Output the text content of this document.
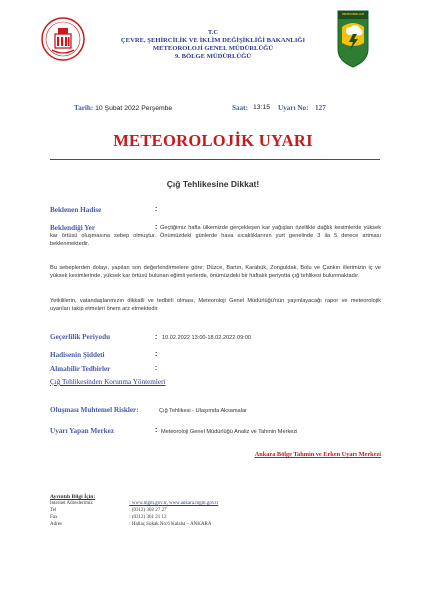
T.C
ÇEVRE, ŞEHİRCİLİK VE İKLİM DEĞİŞİKLİĞİ BAKANLIĞI
METEOROLOJİ GENEL MÜDÜRLÜĞÜ
9. BÖLGE MÜDÜRLÜĞÜ
METEOROLOJİ
Tarih: 10 Şubat 2022 Perşembe	Saat: 13:15 Uyarı No: 127
METEOROLOJİK UYARI
Çığ Tehlikesine Dikkat!
Beklenen Hadise	:
Beklendiği Yer	: Geçtiğimiz hafta ülkemizde gerçekleşen kar yağışları özellikle dağlık kesimlerde yüksek kar örtüsü oluşmasına sebep olmuştur. Önümüzdeki günlerde hava sıcaklıklarının yurt genelinde 3 ila 5 derece artması beklenmektedir.
Bu sebeplerden dolayı, yapılan son değerlendirmelere göre; Düzce, Bartın, Karabük, Zonguldak, Bolu ve Çankırı illerimizin iç ve yüksek kesimlerinde, yüksek kar örtüsü bulunan eğimli yerlerde, önümüzdeki bir haftalık periyotta çığ tehlikesi bulunmaktadır.
Yetkililerin, vatandaşlarımızın dikkatli ve tedbirli olması, Meteoroloji Genel Müdürlüğü'nün yayınlayacağı rapor ve meteorolojik uyarıları takip etmeleri önem arz etmektedir.
Geçerlilik Periyodu	: 10.02.2022 13:00-18.02.2022 09:00
Hadisenin Şiddeti	:
Alınabilir Tedbirler	:
Çığ Tehlikesinden Korunma Yöntemleri
Oluşması Muhtemel Riskler:	Çığ Tehlikesi - Ulaşımda Aksamalar
Uyarı Yapan Merkez	: Meteoroloji Genel Müdürlüğü Analiz ve Tahmin Merkezi
Ankara Bölge Tahmin ve Erken Uyarı Merkezi
Ayrıntılı Bilgi İçin:
İnternet Adreslerimiz	: www.mgm.gov.tr, www.ankara.mgm.gov.tr
Tel	: (0312) 302 27 27
Fax	: (0312) 361 21 12
Adres	: Hallaç Sokak No:6 Kalaba – ANKARA
